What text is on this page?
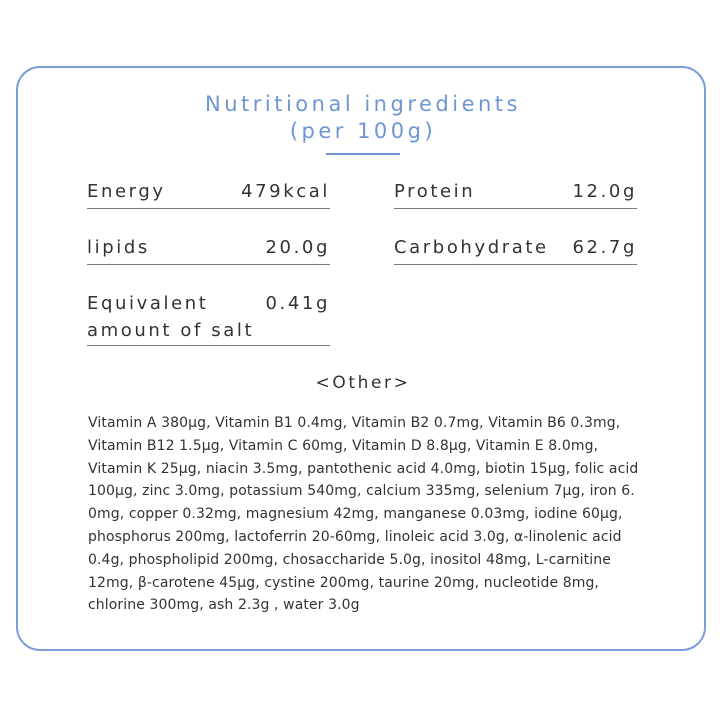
Nutritional ingredients
(per 100g)
Energy	479kcal	Protein	12.0g
lipids	20.0g	Carbohydrate 62.7g
Equivalent amount of salt
0.41g
<Other>
Vitamin A 380µg, Vitamin B1 0.4mg, Vitamin B2 0.7mg, Vitamin B6 0.3mg, Vitamin B12 1.5µg, Vitamin C 60mg, Vitamin D 8.8µg, Vitamin E 8.0mg, Vitamin K 25µg, niacin 3.5mg, pantothenic acid 4.0mg, biotin 15µg, folic acid 100µg, zinc 3.0mg, potassium 540mg, calcium 335mg, selenium 7µg, iron 6. 0mg, copper 0.32mg, magnesium 42mg, manganese 0.03mg, iodine 60µg, phosphorus 200mg, lactoferrin 20-60mg, linoleic acid 3.0g, α-linolenic acid 0.4g, phospholipid 200mg, chosaccharide 5.0g, inositol 48mg, L-carnitine 12mg, β-carotene 45µg, cystine 200mg, taurine 20mg, nucleotide 8mg, chlorine 300mg, ash 2.3g , water 3.0g
